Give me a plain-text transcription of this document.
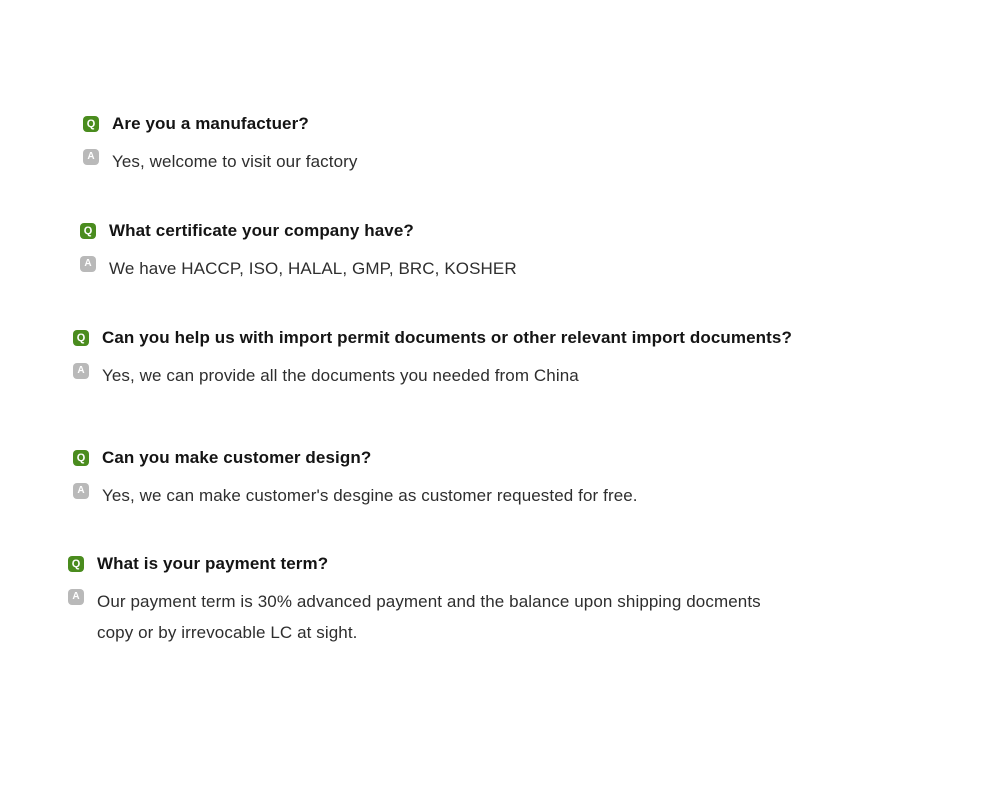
Q Are you a manufactuer?
A Yes, welcome to visit our factory
Q What certificate your company have?
A We have HACCP, ISO, HALAL, GMP, BRC, KOSHER
Q Can you help us with import permit documents or other relevant import documents?
A Yes, we can provide all the documents you needed from China
Q Can you make customer design?
A Yes, we can make customer's desgine as customer requested for free.
Q What is your payment term?
A Our payment term is 30% advanced payment and the balance upon shipping docments copy or by irrevocable LC at sight.
